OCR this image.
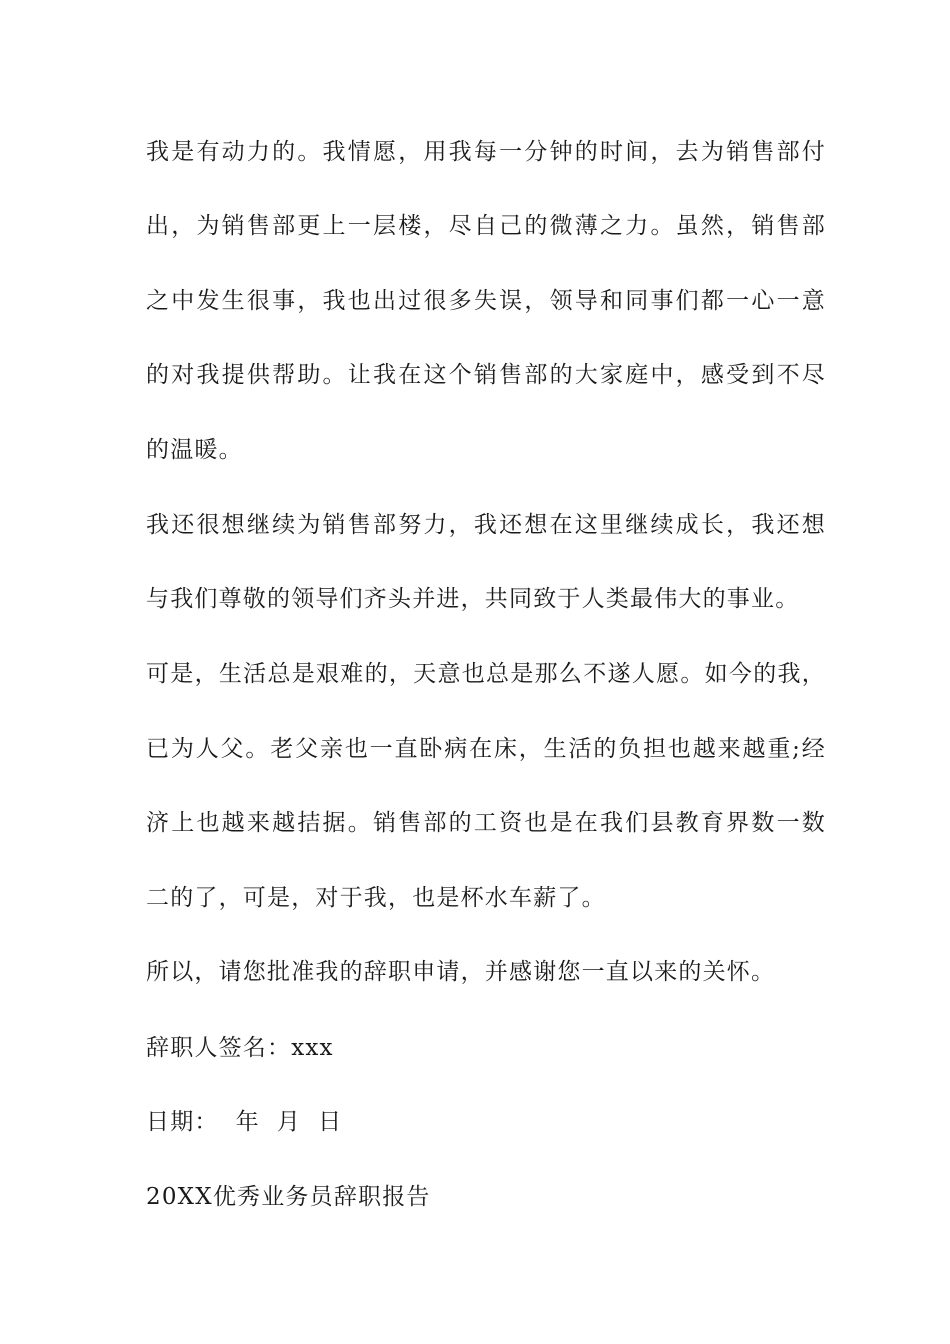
我是有动力的。我情愿，用我每一分钟的时间，去为销售部付
出，为销售部更上一层楼，尽自己的微薄之力。虽然，销售部
之中发生很事，我也出过很多失误，领导和同事们都一心一意
的对我提供帮助。让我在这个销售部的大家庭中，感受到不尽
的温暖。
我还很想继续为销售部努力，我还想在这里继续成长，我还想
与我们尊敬的领导们齐头并进，共同致于人类最伟大的事业。
可是，生活总是艰难的，天意也总是那么不遂人愿。如今的我，
已为人父。老父亲也一直卧病在床，生活的负担也越来越重;经
济上也越来越拮据。销售部的工资也是在我们县教育界数一数
二的了，可是，对于我，也是杯水车薪了。
所以，请您批准我的辞职申请，并感谢您一直以来的关怀。
辞职人签名：xxx
日期：  年  月  日
20XX优秀业务员辞职报告
